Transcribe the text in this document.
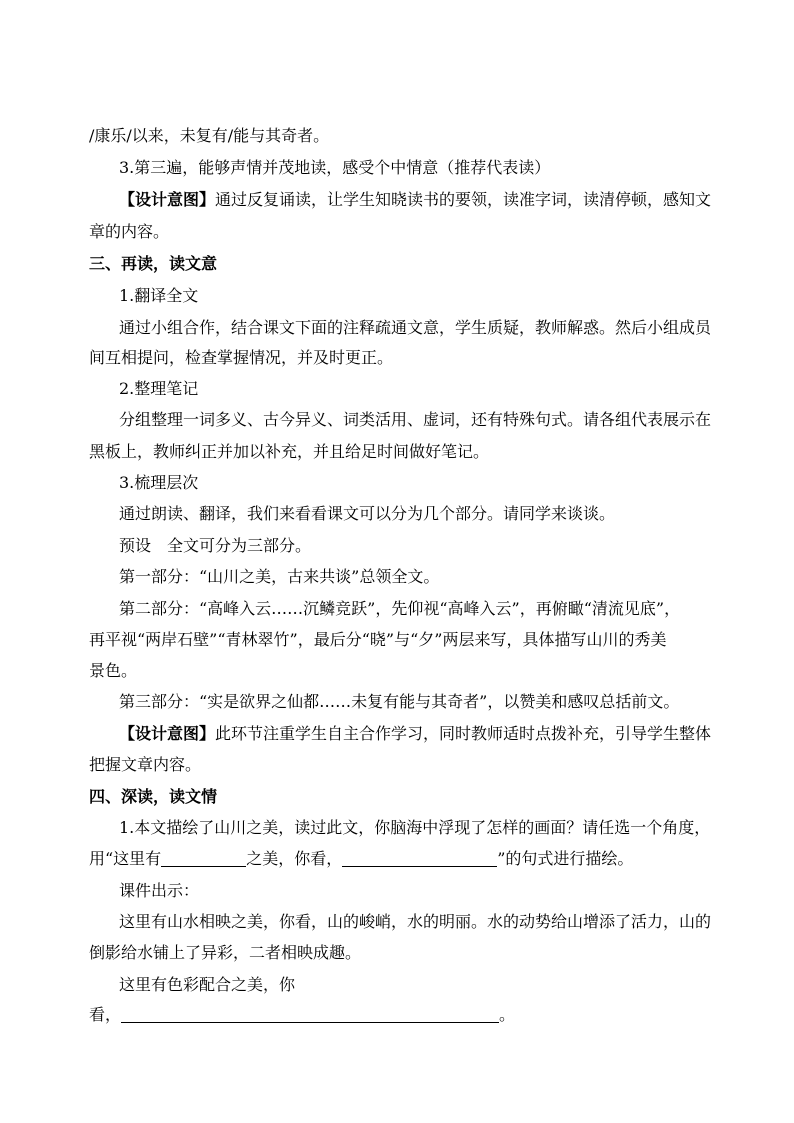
/康乐/以来，未复有/能与其奇者。
3.第三遍，能够声情并茂地读，感受个中情意（推荐代表读）
【设计意图】通过反复诵读，让学生知晓读书的要领，读准字词，读清停顿，感知文
章的内容。
三、再读，读文意
1.翻译全文
通过小组合作，结合课文下面的注释疏通文意，学生质疑，教师解惑。然后小组成员
间互相提问，检查掌握情况，并及时更正。
2.整理笔记
分组整理一词多义、古今异义、词类活用、虚词，还有特殊句式。请各组代表展示在
黑板上，教师纠正并加以补充，并且给足时间做好笔记。
3.梳理层次
通过朗读、翻译，我们来看看课文可以分为几个部分。请同学来谈谈。
预设　全文可分为三部分。
第一部分：“山川之美，古来共谈”总领全文。
第二部分：“高峰入云……沉鳞竞跃”，先仰视“高峰入云”，再俯瞰“清流见底”，
再平视“两岸石壁”“青林翠竹”，最后分“晓”与“夕”两层来写，具体描写山川的秀美
景色。
第三部分：“实是欲界之仙都……未复有能与其奇者”，以赞美和感叹总括前文。
【设计意图】此环节注重学生自主合作学习，同时教师适时点拨补充，引导学生整体
把握文章内容。
四、深读，读文情
1.本文描绘了山川之美，读过此文，你脑海中浮现了怎样的画面？请任选一个角度，
用“这里有	之美，你看，	”的句式进行描绘。
课件出示：
这里有山水相映之美，你看，山的峻峭，水的明丽。水的动势给山增添了活力，山的
倒影给水铺上了异彩，二者相映成趣。
这里有色彩配合之美，你
看，	。
